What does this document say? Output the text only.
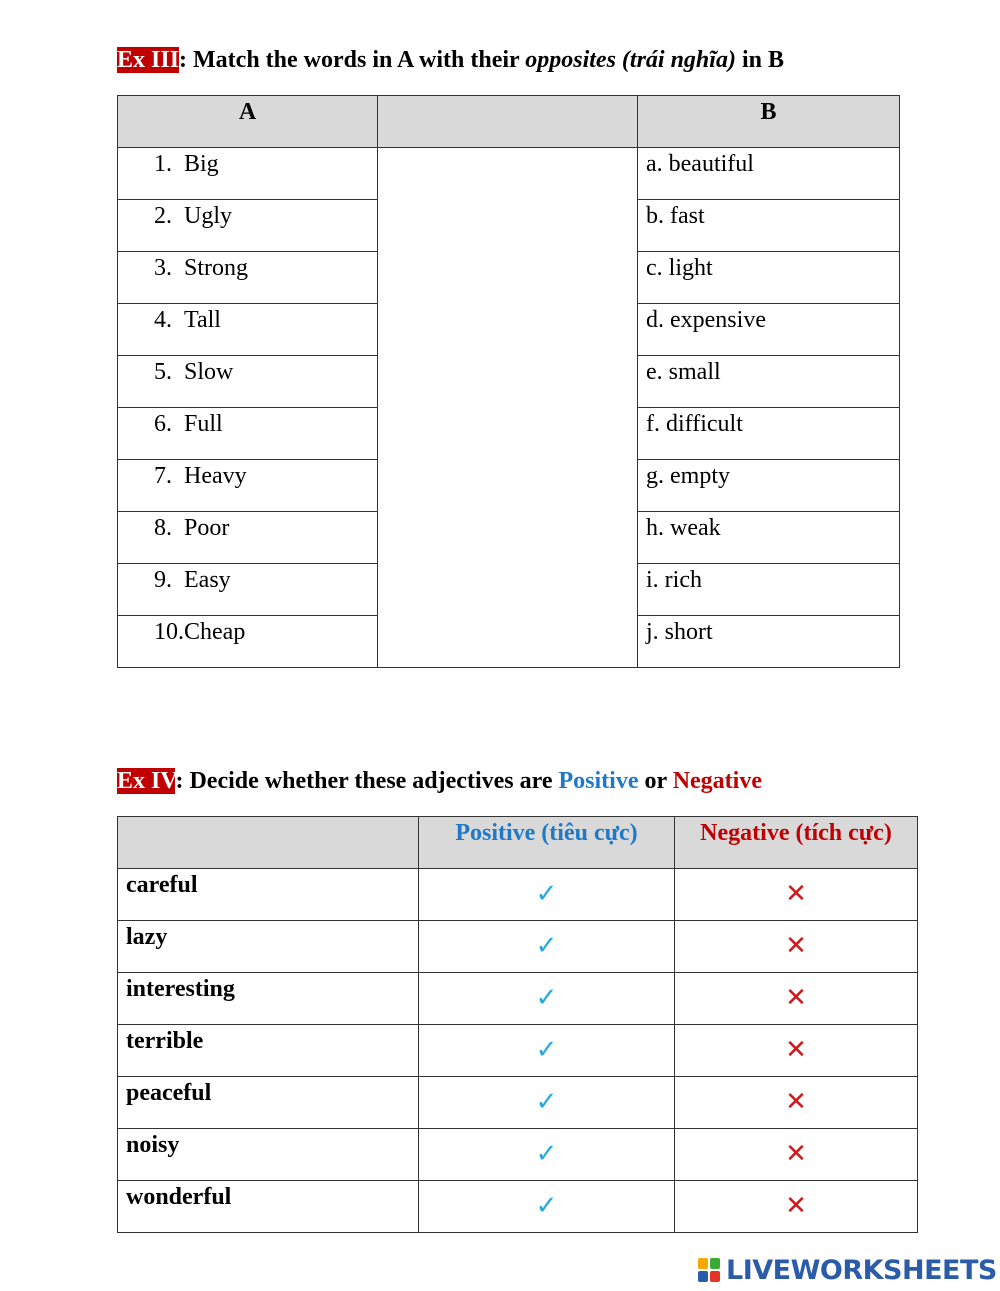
Ex III: Match the words in A with their opposites (trái nghĩa) in B
A		B
1. Big		a. beautiful
2. Ugly		b. fast
3. Strong		c. light
4. Tall		d. expensive
5. Slow		e. small
6. Full		f. difficult
7. Heavy		g. empty
8. Poor		h. weak
9. Easy		i. rich
10.Cheap		j. short
Ex IV: Decide whether these adjectives are Positive or Negative
	Positive (tiêu cực)	Negative (tích cực)
careful	✓	✕
lazy	✓	✕
interesting	✓	✕
terrible	✓	✕
peaceful	✓	✕
noisy	✓	✕
wonderful	✓	✕
LIVEWORKSHEETS
